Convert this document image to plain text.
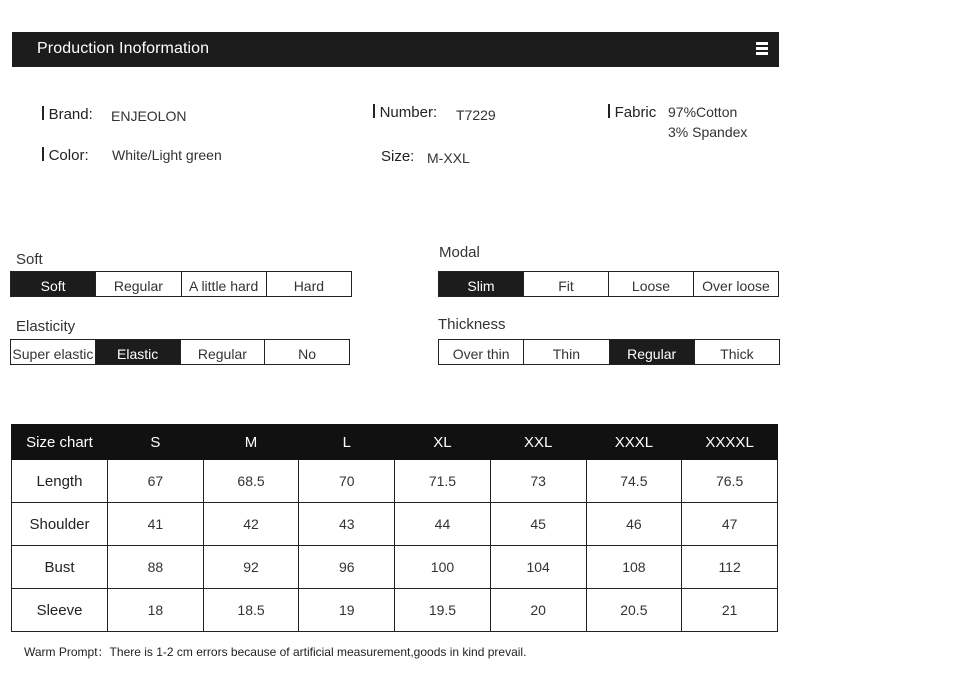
Production Inoformation
Brand: ENJEOLON	Number: T7229	Fabric 97%Cotton
3% Spandex
Color: White/Light green	Size: M-XXL
Soft
Soft	Regular	A little hard	Hard
Modal
Slim	Fit	Loose	Over loose
Elasticity
Super elastic	Elastic	Regular	No
Thickness
Over thin	Thin	Regular	Thick
Size chart	S	M	L	XL	XXL	XXXL	XXXXL
Length	67	68.5	70	71.5	73	74.5	76.5
Shoulder	41	42	43	44	45	46	47
Bust	88	92	96	100	104	108	112
Sleeve	18	18.5	19	19.5	20	20.5	21
Warm Prompt：There is 1-2 cm errors because of artificial measurement,goods in kind prevail.
